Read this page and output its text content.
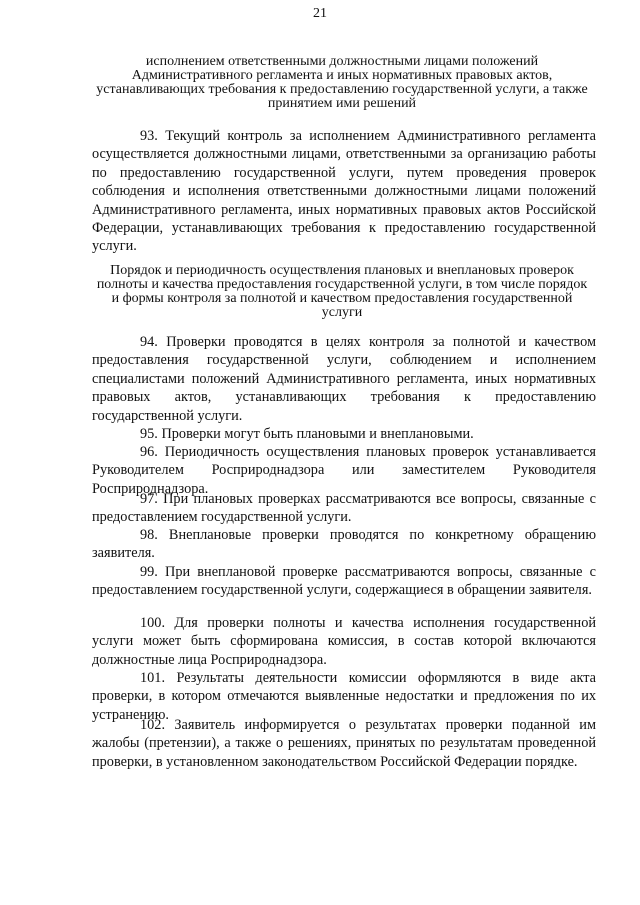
21
исполнением ответственными должностными лицами положений Административного регламента и иных нормативных правовых актов, устанавливающих требования к предоставлению государственной услуги, а также принятием ими решений

93. Текущий контроль за исполнением Административного регламента осуществляется должностными лицами, ответственными за организацию работы по предоставлению государственной услуги, путем проведения проверок соблюдения и исполнения ответственными должностными лицами положений Административного регламента, иных нормативных правовых актов Российской Федерации, устанавливающих требования к предоставлению государственной услуги.

Порядок и периодичность осуществления плановых и внеплановых проверок полноты и качества предоставления государственной услуги, в том числе порядок и формы контроля за полнотой и качеством предоставления государственной услуги

94. Проверки проводятся в целях контроля за полнотой и качеством предоставления государственной услуги, соблюдением и исполнением специалистами положений Административного регламента, иных нормативных правовых актов, устанавливающих требования к предоставлению государственной услуги.

95. Проверки могут быть плановыми и внеплановыми.

96. Периодичность осуществления плановых проверок устанавливается Руководителем Росприроднадзора или заместителем Руководителя Росприроднадзора.

97. При плановых проверках рассматриваются все вопросы, связанные с предоставлением государственной услуги.

98. Внеплановые проверки проводятся по конкретному обращению заявителя.

99. При внеплановой проверке рассматриваются вопросы, связанные с предоставлением государственной услуги, содержащиеся в обращении заявителя.

100. Для проверки полноты и качества исполнения государственной услуги может быть сформирована комиссия, в состав которой включаются должностные лица Росприроднадзора.

101. Результаты деятельности комиссии оформляются в виде акта проверки, в котором отмечаются выявленные недостатки и предложения по их устранению.

102. Заявитель информируется о результатах проверки поданной им жалобы (претензии), а также о решениях, принятых по результатам проведенной проверки, в установленном законодательством Российской Федерации порядке.
